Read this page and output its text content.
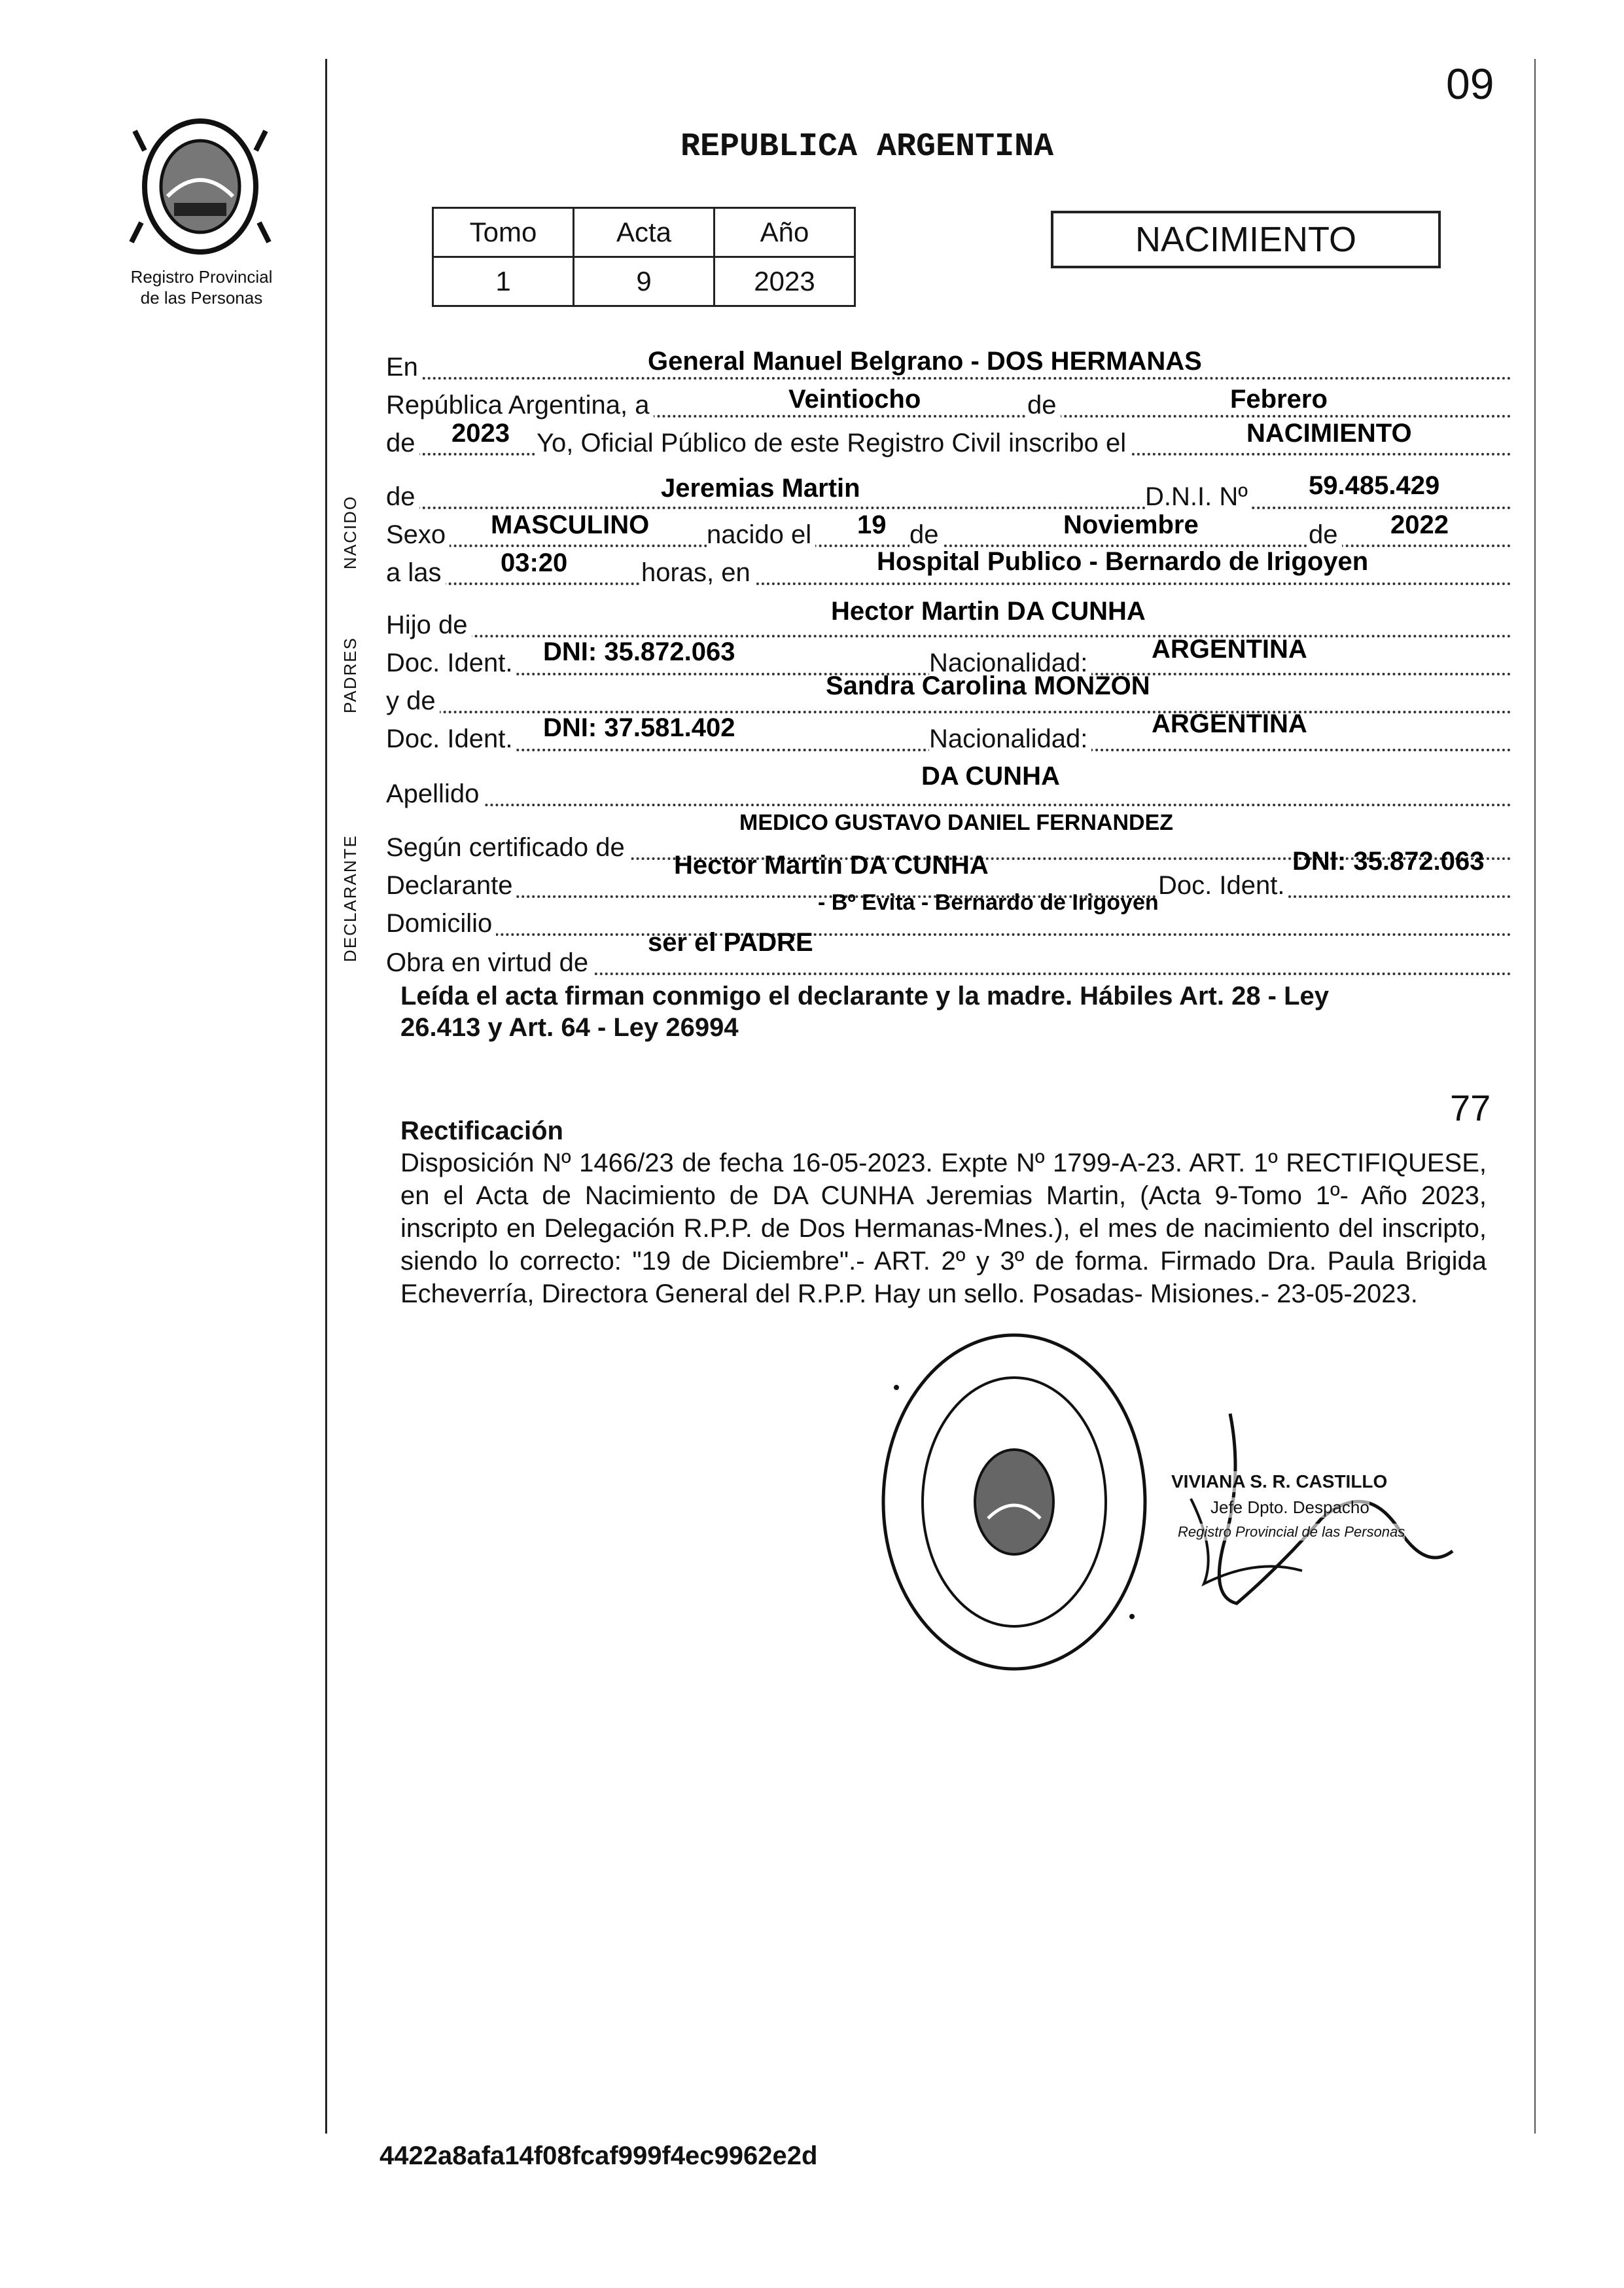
09
Registro Provincial
de las Personas
REPUBLICA ARGENTINA
Tomo	Acta	Año
1	9	2023
NACIMIENTO
En	General Manuel Belgrano - DOS HERMANAS
República Argentina, a	de
Veintiocho	Febrero
de	Yo, Oficial Público de este Registro Civil inscribo el
2023	NACIMIENTO
NACIDO de	D.N.I. Nº
Jeremias Martin	59.485.429
Sexo	nacido el	de	de
MASCULINO	19	Noviembre	2022
a las	horas, en
03:20	Hospital Publico - Bernardo de Irigoyen
PADRES
Hijo de	Hector Martin DA CUNHA
Doc. Ident.	Nacionalidad:
DNI: 35.872.063	ARGENTINA
y de
Sandra Carolina MONZON
Doc. Ident.	Nacionalidad:
DNI: 37.581.402	ARGENTINA
Apellido
DA CUNHA
DECLARANTE Según certificado de
MEDICO GUSTAVO DANIEL FERNANDEZ
Declarante	Doc. Ident.
Hector Martin DA CUNHA	DNI: 35.872.063
Domicilio
- Bº Evita - Bernardo de Irigoyen
Obra en virtud de
ser el PADRE
Leída el acta firman conmigo el declarante y la madre. Hábiles Art. 28 - Ley
26.413 y Art. 64 - Ley 26994
77
Rectificación
Disposición Nº 1466/23 de fecha 16-05-2023. Expte Nº 1799-A-23. ART. 1º RECTIFIQUESE, en el Acta de Nacimiento de DA CUNHA Jeremias Martin, (Acta 9-Tomo 1º- Año 2023, inscripto en Delegación R.P.P. de Dos Hermanas-Mnes.), el mes de nacimiento del inscripto, siendo lo correcto: "19 de Diciembre".- ART. 2º y 3º de forma. Firmado Dra. Paula Brigida Echeverría, Directora General del R.P.P. Hay un sello. Posadas- Misiones.- 23-05-2023.
VIVIANA S. R. CASTILLO
Jefe Dpto. Despacho
Registro Provincial de las Personas
4422a8afa14f08fcaf999f4ec9962e2d
